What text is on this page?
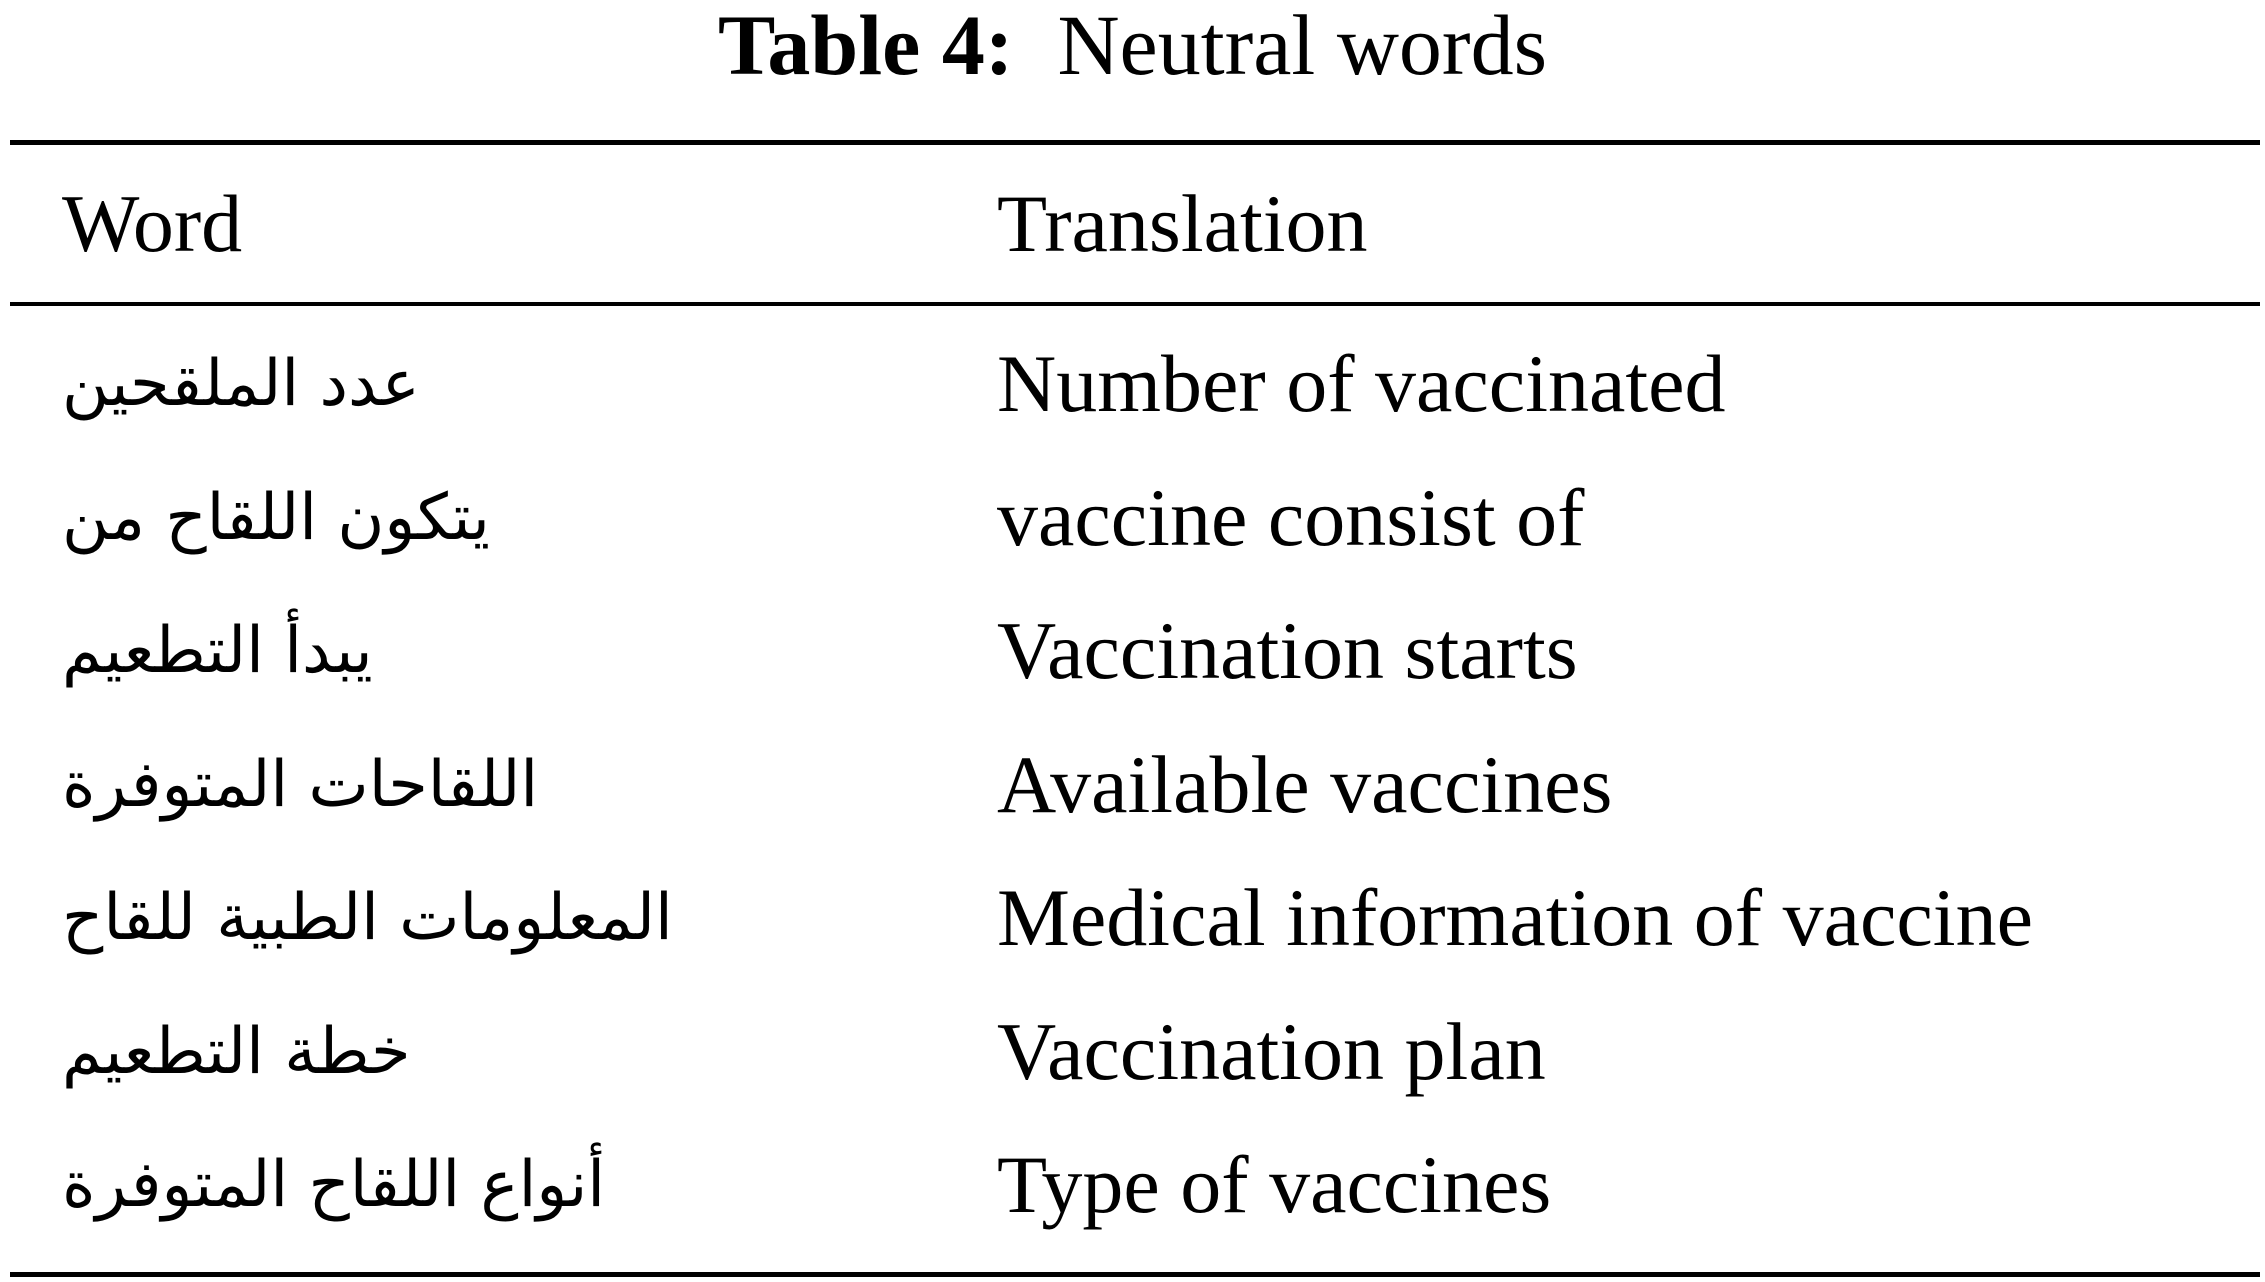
Table 4: Neutral words
Word	Translation
عدد الملقحين	Number of vaccinated
يتكون اللقاح من	vaccine consist of
يبدأ التطعيم	Vaccination starts
اللقاحات المتوفرة	Available vaccines
المعلومات الطبية للقاح	Medical information of vaccine
خطة التطعيم	Vaccination plan
أنواع اللقاح المتوفرة	Type of vaccines
